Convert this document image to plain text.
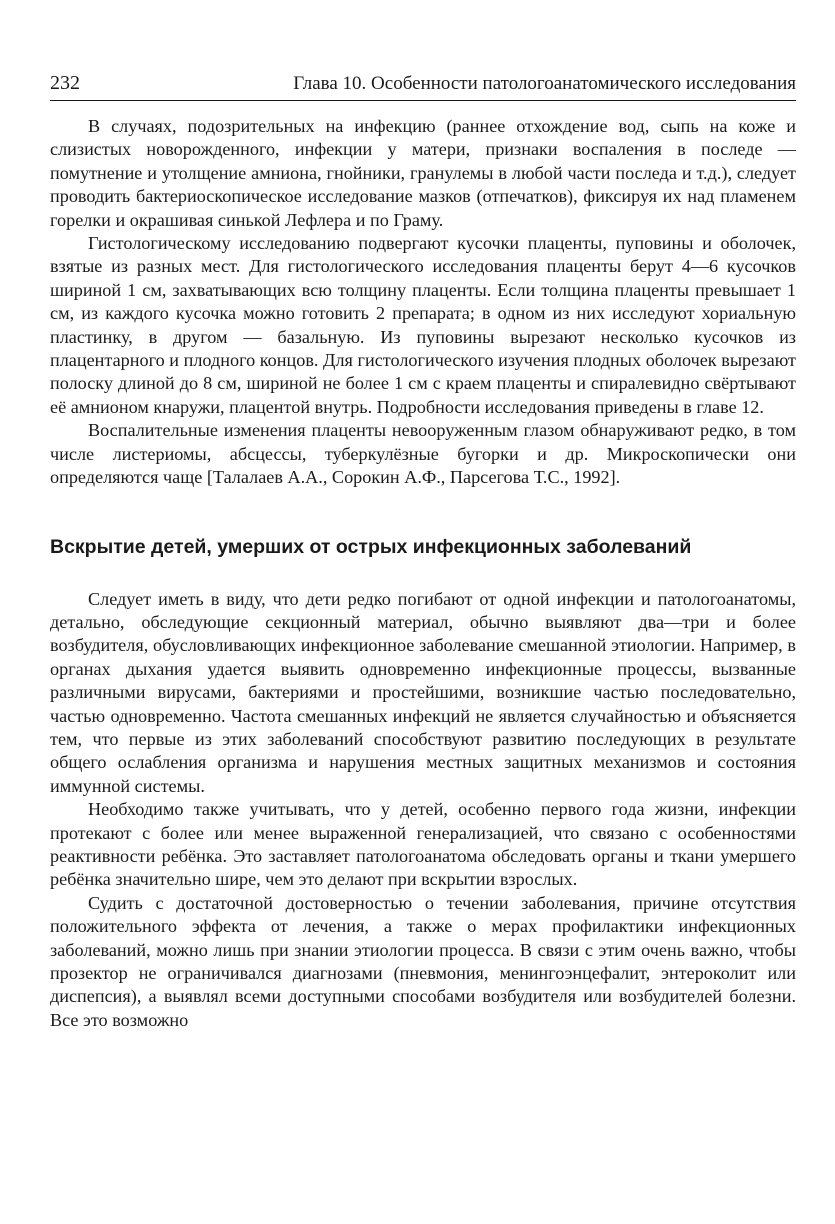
232	Глава 10. Особенности патологоанатомического исследования

В случаях, подозрительных на инфекцию (раннее отхождение вод, сыпь на коже и слизистых новорожденного, инфекции у матери, признаки воспаления в последе — помутнение и утолщение амниона, гнойники, гранулемы в любой части последа и т.д.), следует проводить бактериоскопическое исследование мазков (отпечатков), фиксируя их над пламенем горелки и окрашивая синькой Лефлера и по Граму.

Гистологическому исследованию подвергают кусочки плаценты, пуповины и оболочек, взятые из разных мест. Для гистологического исследования плаценты берут 4—6 кусочков шириной 1 см, захватывающих всю толщину плаценты. Если толщина плаценты превышает 1 см, из каждого кусочка можно готовить 2 препарата; в одном из них исследуют хориальную пластинку, в другом — базальную. Из пуповины вырезают несколько кусочков из плацентарного и плодного концов. Для гистологического изучения плодных оболочек вырезают полоску длиной до 8 см, шириной не более 1 см с краем плаценты и спиралевидно свёртывают её амнионом кнаружи, плацентой внутрь. Подробности исследования приведены в главе 12.

Воспалительные изменения плаценты невооруженным глазом обнаруживают редко, в том числе листериомы, абсцессы, туберкулёзные бугорки и др. Микроскопически они определяются чаще [Талалаев А.А., Сорокин А.Ф., Парсегова Т.С., 1992].

Вскрытие детей, умерших от острых инфекционных заболеваний

Следует иметь в виду, что дети редко погибают от одной инфекции и патологоанатомы, детально, обследующие секционный материал, обычно выявляют два—три и более возбудителя, обусловливающих инфекционное заболевание смешанной этиологии. Например, в органах дыхания удается выявить одновременно инфекционные процессы, вызванные различными вирусами, бактериями и простейшими, возникшие частью последовательно, частью одновременно. Частота смешанных инфекций не является случайностью и объясняется тем, что первые из этих заболеваний способствуют развитию последующих в результате общего ослабления организма и нарушения местных защитных механизмов и состояния иммунной системы.

Необходимо также учитывать, что у детей, особенно первого года жизни, инфекции протекают с более или менее выраженной генерализацией, что связано с особенностями реактивности ребёнка. Это заставляет патологоанатома обследовать органы и ткани умершего ребёнка значительно шире, чем это делают при вскрытии взрослых.

Судить с достаточной достоверностью о течении заболевания, причине отсутствия положительного эффекта от лечения, а также о мерах профилактики инфекционных заболеваний, можно лишь при знании этиологии процесса. В связи с этим очень важно, чтобы прозектор не ограничивался диагнозами (пневмония, менингоэнцефалит, энтероколит или диспепсия), а выявлял всеми доступными способами возбудителя или возбудителей болезни. Все это возможно
